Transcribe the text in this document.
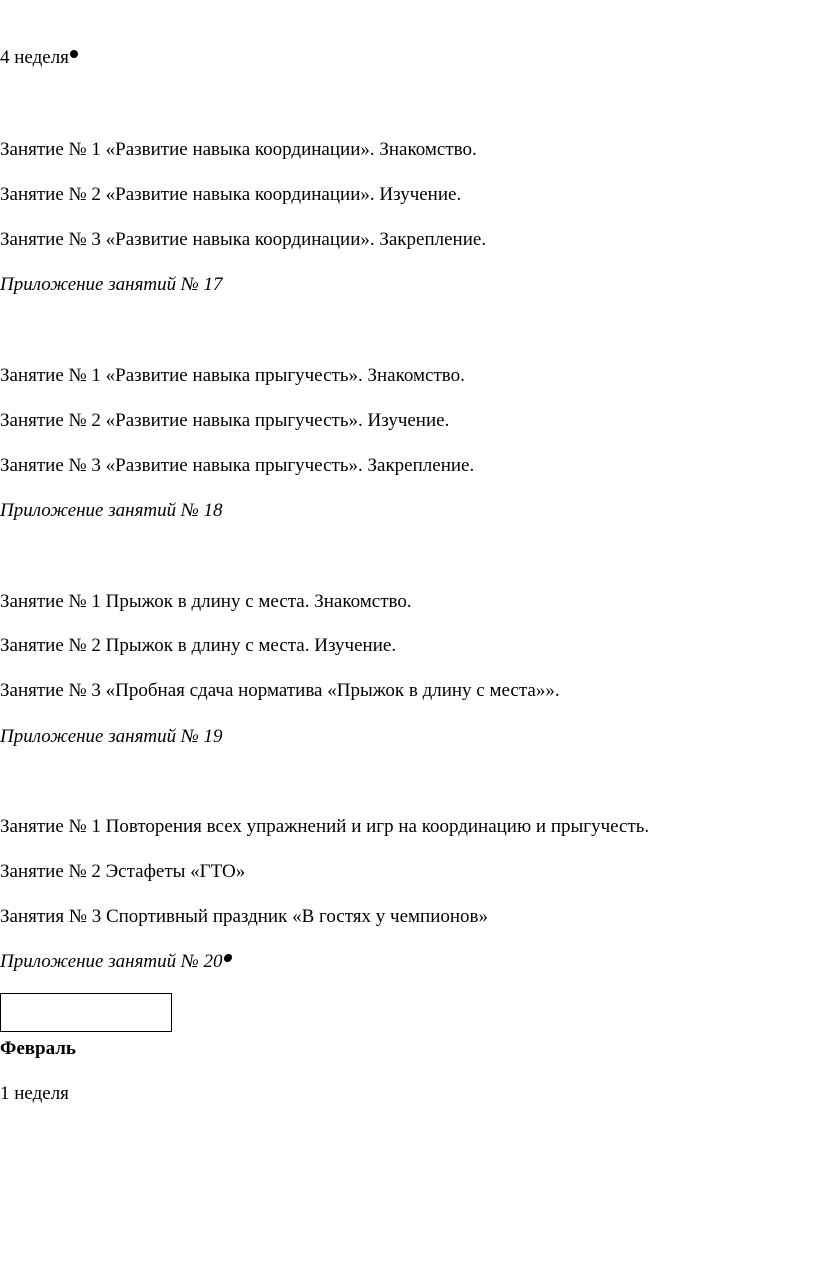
4 неделя
Занятие № 1 «Развитие навыка координации». Знакомство.
Занятие № 2 «Развитие навыка координации». Изучение.
Занятие № 3 «Развитие навыка координации». Закрепление.
Приложение занятий № 17
Занятие № 1 «Развитие навыка прыгучесть». Знакомство.
Занятие № 2 «Развитие навыка прыгучесть». Изучение.
Занятие № 3 «Развитие навыка прыгучесть». Закрепление.
Приложение занятий № 18
Занятие № 1 Прыжок в длину с места. Знакомство.
Занятие № 2 Прыжок в длину с места. Изучение.
Занятие № 3 «Пробная сдача норматива «Прыжок в длину с места»».
Приложение занятий № 19
Занятие № 1 Повторения всех упражнений и игр на координацию и прыгучесть.
Занятие № 2 Эстафеты «ГТО»
Занятия № 3 Спортивный праздник «В гостях у чемпионов»
Приложение занятий № 20
Февраль
1 неделя
